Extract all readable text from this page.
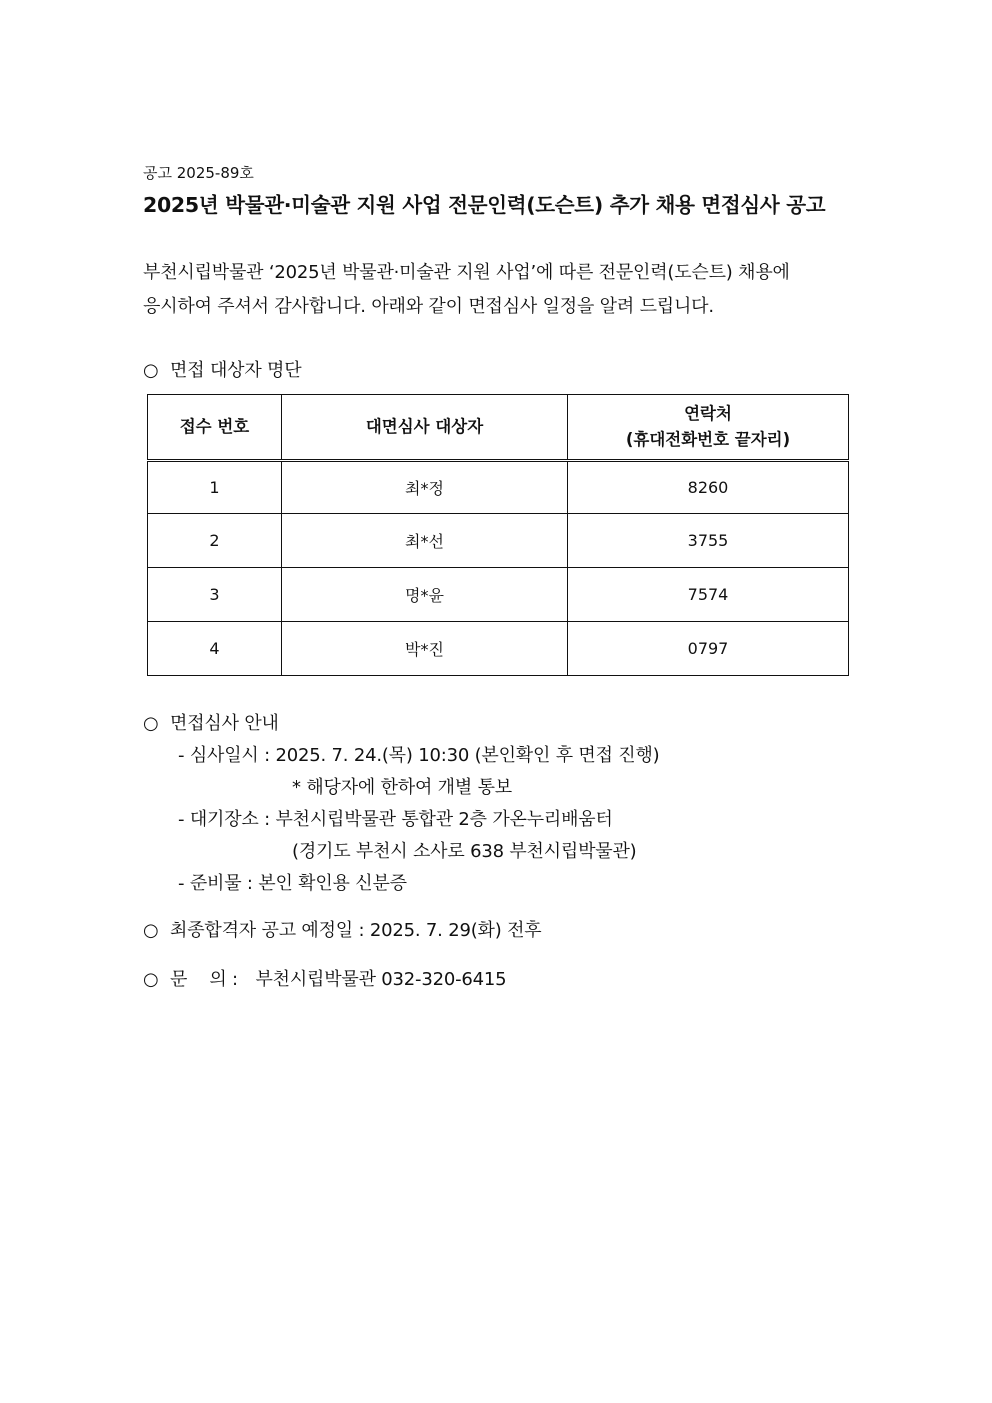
공고 2025-89호
2025년 박물관·미술관 지원 사업 전문인력(도슨트) 추가 채용 면접심사 공고
부천시립박물관 ‘2025년 박물관·미술관 지원 사업’에 따른 전문인력(도슨트) 채용에
응시하여 주셔서 감사합니다. 아래와 같이 면접심사 일정을 알려 드립니다.
○ 면접 대상자 명단
접수 번호	대면심사 대상자	연락처
(휴대전화번호 끝자리)

1	최*정	8260
2	최*선	3755
3	명*윤	7574
4	박*진	0797
○ 면접심사 안내
- 심사일시 : 2025. 7. 24.(목) 10:30 (본인확인 후 면접 진행)
* 해당자에 한하여 개별 통보
- 대기장소 : 부천시립박물관 통합관 2층 가온누리배움터
(경기도 부천시 소사로 638 부천시립박물관)
- 준비물 : 본인 확인용 신분증
○ 최종합격자 공고 예정일 : 2025. 7. 29(화) 전후
○ 문    의 : 부천시립박물관 032-320-6415
